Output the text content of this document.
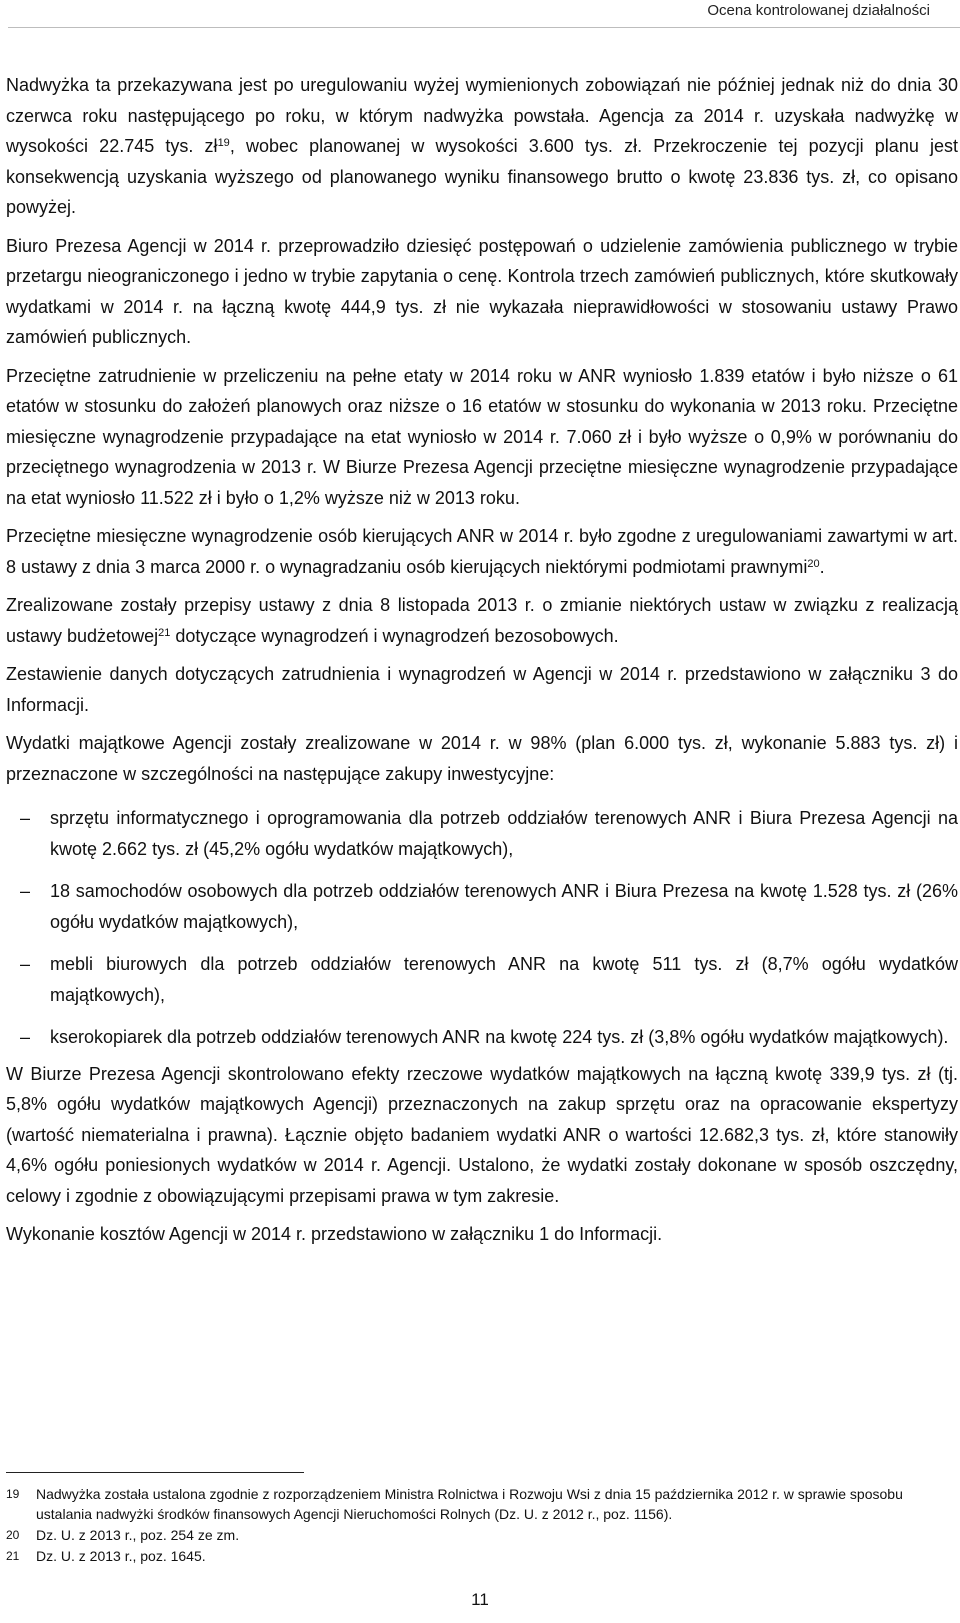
Ocena kontrolowanej działalności

Nadwyżka ta przekazywana jest po uregulowaniu wyżej wymienionych zobowiązań nie później jednak niż do dnia 30 czerwca roku następującego po roku, w którym nadwyżka powstała. Agencja za 2014 r. uzyskała nadwyżkę w wysokości 22.745 tys. $zł^{19}$, wobec planowanej w wysokości 3.600 tys. zł. Przekroczenie tej pozycji planu jest konsekwencją uzyskania wyższego od planowanego wyniku finansowego brutto o kwotę 23.836 tys. zł, co opisano powyżej.

Biuro Prezesa Agencji w 2014 r. przeprowadziło dziesięć postępowań o udzielenie zamówienia publicznego w trybie przetargu nieograniczonego i jedno w trybie zapytania o cenę. Kontrola trzech zamówień publicznych, które skutkowały wydatkami w 2014 r. na łączną kwotę 444,9 tys. zł nie wykazała nieprawidłowości w stosowaniu ustawy Prawo zamówień publicznych.

Przeciętne zatrudnienie w przeliczeniu na pełne etaty w 2014 roku w ANR wyniosło 1.839 etatów i było niższe o 61 etatów w stosunku do założeń planowych oraz niższe o 16 etatów w stosunku do wykonania w 2013 roku. Przeciętne miesięczne wynagrodzenie przypadające na etat wyniosło w 2014 r. 7.060 zł i było wyższe o 0,9% w porównaniu do przeciętnego wynagrodzenia w 2013 r. W Biurze Prezesa Agencji przeciętne miesięczne wynagrodzenie przypadające na etat wyniosło 11.522 zł i było o 1,2% wyższe niż w 2013 roku.

Przeciętne miesięczne wynagrodzenie osób kierujących ANR w 2014 r. było zgodne z uregulowaniami zawartymi w art. 8 ustawy z dnia 3 marca 2000 r. o wynagradzaniu osób kierujących niektórymi podmiotami prawnymi$^{20}$.

Zrealizowane zostały przepisy ustawy z dnia 8 listopada 2013 r. o zmianie niektórych ustaw w związku z realizacją ustawy budżetowej$^{21}$ dotyczące wynagrodzeń i wynagrodzeń bezosobowych.

Zestawienie danych dotyczących zatrudnienia i wynagrodzeń w Agencji w 2014 r. przedstawiono w załączniku 3 do Informacji.

Wydatki majątkowe Agencji zostały zrealizowane w 2014 r. w 98% (plan 6.000 tys. zł, wykonanie 5.883 tys. zł) i przeznaczone w szczególności na następujące zakupy inwestycyjne:

– sprzętu informatycznego i oprogramowania dla potrzeb oddziałów terenowych ANR i Biura Prezesa Agencji na kwotę 2.662 tys. zł (45,2% ogółu wydatków majątkowych),
– 18 samochodów osobowych dla potrzeb oddziałów terenowych ANR i Biura Prezesa na kwotę 1.528 tys. zł (26% ogółu wydatków majątkowych),
– mebli biurowych dla potrzeb oddziałów terenowych ANR na kwotę 511 tys. zł (8,7% ogółu wydatków majątkowych),
– kserokopiarek dla potrzeb oddziałów terenowych ANR na kwotę 224 tys. zł (3,8% ogółu wydatków majątkowych).

W Biurze Prezesa Agencji skontrolowano efekty rzeczowe wydatków majątkowych na łączną kwotę 339,9 tys. zł (tj. 5,8% ogółu wydatków majątkowych Agencji) przeznaczonych na zakup sprzętu oraz na opracowanie ekspertyzy (wartość niematerialna i prawna). Łącznie objęto badaniem wydatki ANR o wartości 12.682,3 tys. zł, które stanowiły 4,6% ogółu poniesionych wydatków w 2014 r. Agencji. Ustalono, że wydatki zostały dokonane w sposób oszczędny, celowy i zgodnie z obowiązującymi przepisami prawa w tym zakresie.

Wykonanie kosztów Agencji w 2014 r. przedstawiono w załączniku 1 do Informacji.

19	Nadwyżka została ustalona zgodnie z rozporządzeniem Ministra Rolnictwa i Rozwoju Wsi z dnia 15 października 2012 r. w sprawie sposobu ustalania nadwyżki środków finansowych Agencji Nieruchomości Rolnych (Dz. U. z 2012 r., poz. 1156).
20	Dz. U. z 2013 r., poz. 254 ze zm.
21	Dz. U. z 2013 r., poz. 1645.
11
